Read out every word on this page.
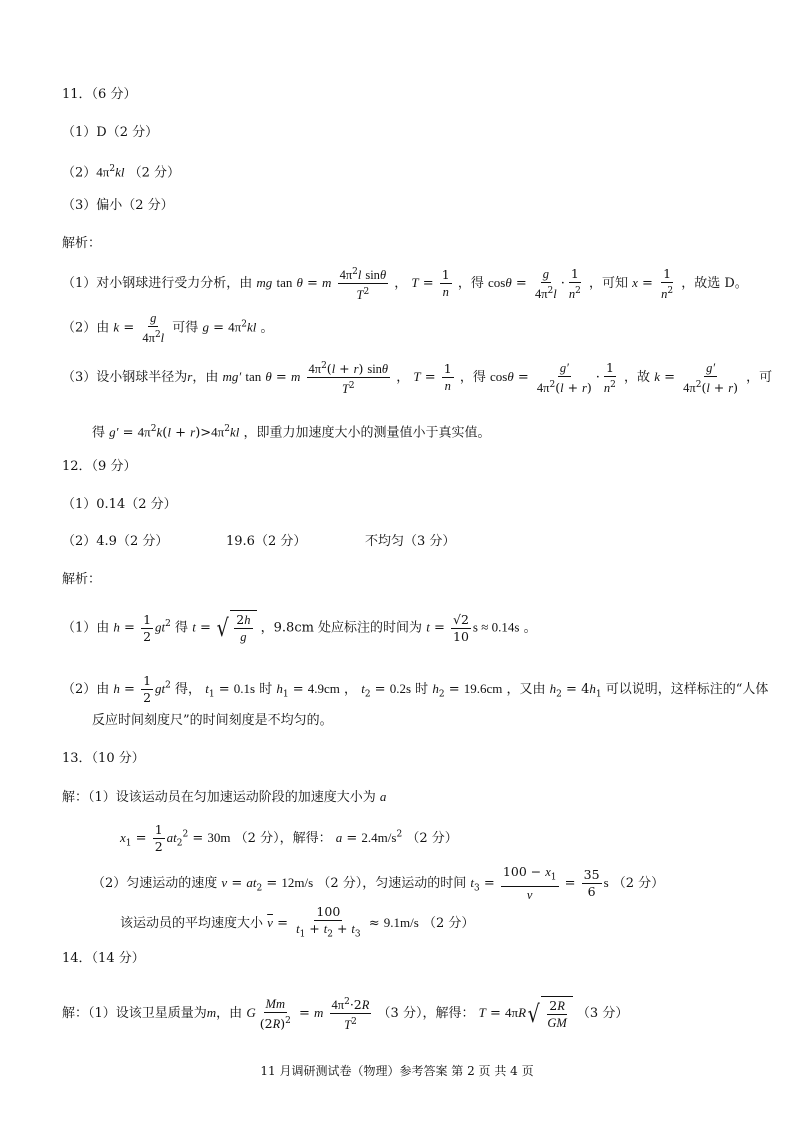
11．（6 分）
（1）D（2 分）
$(2)4\pi^2kl$ （2 分）
（3）偏小（2 分）
解析：
（1）对小钢球进行受力分析，由 mg tan θ = m $\frac{4\pi^2l \sin\theta}{T^2}$ ， $T = \frac{1}{n}$ ，得 $\cos\theta = \frac{g}{4\pi^2l} \cdot \frac{1}{n^2}$ ，可知 $x = \frac{1}{n^2}$ ，故选 D。
（2）由 $k = \frac{g}{4\pi^2l}$ 可得 $g = 4\pi^2kl$ 。
（3）设小钢球半径为r，由 mg′ tan θ = m $\frac{4\pi^2(l + r) \sin\theta}{T^2}$ ， $T = \frac{1}{n}$ ，得 $\cos\theta = \frac{g'}{4\pi^2(l + r)} \cdot \frac{1}{n^2}$ ，故 $k = \frac{g'}{4\pi^2(l + r)}$ ，可
得 $g' = 4\pi^2k(l + r)>4\pi^2kl$ ，即重力加速度大小的测量值小于真实值。
12．（9 分）
（1）0.14（2 分）
（2）4.9（2 分）	19.6（2 分）	不均匀（3 分）
解析：
（1）由 $h = \frac{1}{2} gt^2$ 得 t = √ $\frac{2h}{g}$ ，9.8cm 处应标注的时间为 $t = \frac{√2}{10}$ s ≈ 0.14s 。
（2）由 $h = \frac{1}{2} gt^2$ 得， $t_1 = 0.1s$ 时 $h_1 = 4.9cm$ ， $t_2 = 0.2s$ 时 $h_2 = 19.6cm$ ，又由 $h_2 = 4h_1$ 可以说明，这样标注的“人体
反应时间刻度尺”的时间刻度是不均匀的。
13．（10 分）
解：（1）设该运动员在匀加速运动阶段的加速度大小为 a
$x_1 = \frac{1}{2} at_2^2 = 30m$ （2 分），解得： $a = 2.4m/s^2$ （2 分）
（2）匀速运动的速度 $v = at_2 = 12m/s$ （2 分），匀速运动的时间 $t_3 = \frac{100 - x_1}{v} = \frac{35}{6}$ s （2 分）
该运动员的平均速度大小 $\overline{v} = \frac{100}{t_1 + t_2 + t_3} \approx 9.1m/s$ （2 分）
14．（14 分）
解：（1）设该卫星质量为m，由 G $\frac{Mm}{(2R)^2} = m \frac{4\pi^2\cdot 2R}{T^2} (3$ 分），解得： T = 4πR √ $\frac{2R}{GM} (3$ 分）
11 月调研测试卷（物理）参考答案 第 2 页 共 4 页
